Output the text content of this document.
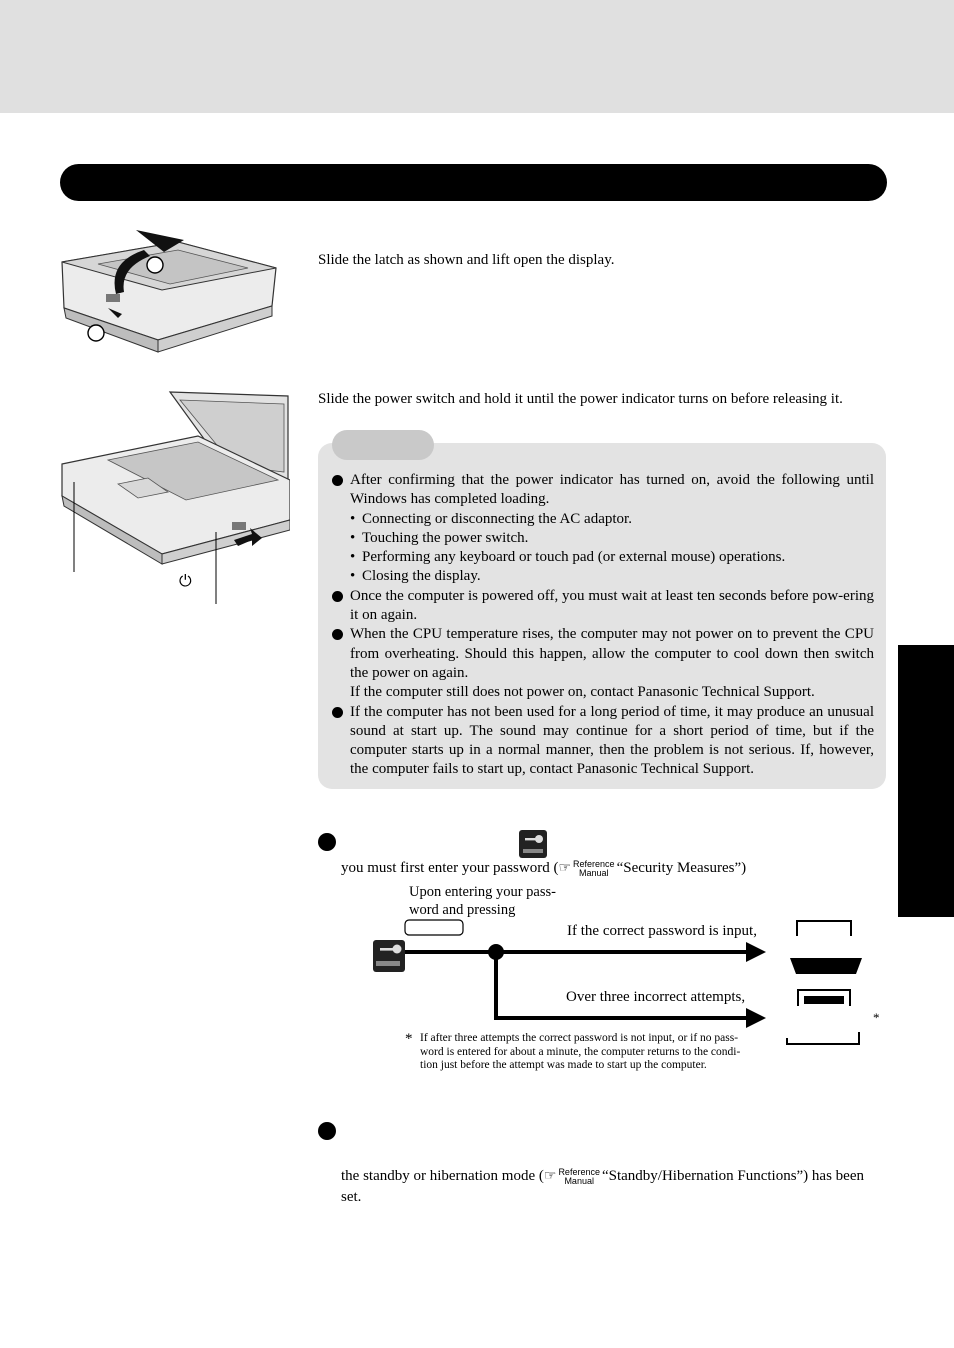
Slide the latch as shown and lift open the display.
⏻
Slide the power switch and hold it until the power indicator turns on before releasing it.
After confirming that the power indicator has turned on, avoid the following until Windows has completed loading.
• Connecting or disconnecting the AC adaptor.
• Touching the power switch.
• Performing any keyboard or touch pad (or external mouse) operations.
• Closing the display.
Once the computer is powered off, you must wait at least ten seconds before pow-ering it on again.
When the CPU temperature rises, the computer may not power on to prevent the CPU from overheating. Should this happen, allow the computer to cool down then switch the power on again.
If the computer still does not power on, contact Panasonic Technical Support.
If the computer has not been used for a long period of time, it may produce an unusual sound at start up. The sound may continue for a short period of time, but if the computer starts up in a normal manner, then the problem is not serious. If, however, the computer fails to start up, contact Panasonic Technical Support.
you must first enter your password (☞ Reference
Manual “Security Measures”)
Upon entering your pass-
word and pressing
If the correct password is input,
Over three incorrect attempts,
*
* If after three attempts the correct password is not input, or if no pass-
word is entered for about a minute, the computer returns to the condi-
tion just before the attempt was made to start up the computer.
the standby or hibernation mode (☞ Reference
Manual “Standby/Hibernation Functions”) has been
set.
